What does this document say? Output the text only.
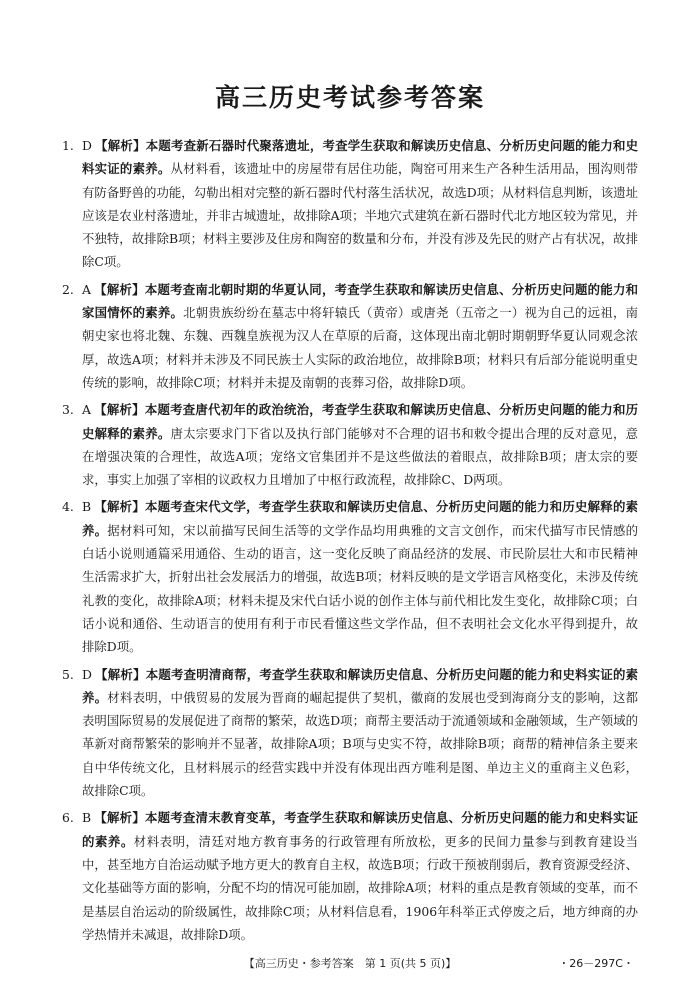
高三历史考试参考答案
1. D 【解析】本题考查新石器时代聚落遗址，考查学生获取和解读历史信息、分析历史问题的能力和史料实证的素养。从材料看，该遗址中的房屋带有居住功能，陶窑可用来生产各种生活用品，围沟则带有防备野兽的功能，勾勒出相对完整的新石器时代村落生活状况，故选D项；从材料信息判断，该遗址应该是农业村落遗址，并非古城遗址，故排除A项；半地穴式建筑在新石器时代北方地区较为常见，并不独特，故排除B项；材料主要涉及住房和陶窑的数量和分布，并没有涉及先民的财产占有状况，故排除C项。
2. A 【解析】本题考查南北朝时期的华夏认同，考查学生获取和解读历史信息、分析历史问题的能力和家国情怀的素养。北朝贵族纷纷在墓志中将轩辕氏（黄帝）或唐尧（五帝之一）视为自己的远祖，南朝史家也将北魏、东魏、西魏皇族视为汉人在草原的后裔，这体现出南北朝时期朝野华夏认同观念浓厚，故选A项；材料并未涉及不同民族士人实际的政治地位，故排除B项；材料只有后部分能说明重史传统的影响，故排除C项；材料并未提及南朝的丧葬习俗，故排除D项。
3. A 【解析】本题考查唐代初年的政治统治，考查学生获取和解读历史信息、分析历史问题的能力和历史解释的素养。唐太宗要求门下省以及执行部门能够对不合理的诏书和敕令提出合理的反对意见，意在增强决策的合理性，故选A项；宠络文官集团并不是这些做法的着眼点，故排除B项；唐太宗的要求，事实上加强了宰相的议政权力且增加了中枢行政流程，故排除C、D两项。
4. B 【解析】本题考查宋代文学，考查学生获取和解读历史信息、分析历史问题的能力和历史解释的素养。据材料可知，宋以前描写民间生活等的文学作品均用典雅的文言文创作，而宋代描写市民情感的白话小说则通篇采用通俗、生动的语言，这一变化反映了商品经济的发展、市民阶层壮大和市民精神生活需求扩大，折射出社会发展活力的增强，故选B项；材料反映的是文学语言风格变化，未涉及传统礼教的变化，故排除A项；材料未提及宋代白话小说的创作主体与前代相比发生变化，故排除C项；白话小说和通俗、生动语言的使用有利于市民看懂这些文学作品，但不表明社会文化水平得到提升，故排除D项。
5. D 【解析】本题考查明清商帮，考查学生获取和解读历史信息、分析历史问题的能力和史料实证的素养。材料表明，中俄贸易的发展为晋商的崛起提供了契机，徽商的发展也受到海商分支的影响，这都表明国际贸易的发展促进了商帮的繁荣，故选D项；商帮主要活动于流通领域和金融领域，生产领域的革新对商帮繁荣的影响并不显著，故排除A项；B项与史实不符，故排除B项；商帮的精神信条主要来自中华传统文化，且材料展示的经营实践中并没有体现出西方唯利是图、单边主义的重商主义色彩，故排除C项。
6. B 【解析】本题考查清末教育变革，考查学生获取和解读历史信息、分析历史问题的能力和史料实证的素养。材料表明，清廷对地方教育事务的行政管理有所放松，更多的民间力量参与到教育建设当中，甚至地方自治运动赋予地方更大的教育自主权，故选B项；行政干预被削弱后，教育资源受经济、文化基础等方面的影响，分配不均的情况可能加剧，故排除A项；材料的重点是教育领域的变革，而不是基层自治运动的阶级属性，故排除C项；从材料信息看，1906年科举正式停废之后，地方绅商的办学热情并未减退，故排除D项。
【高三历史・参考答案　第 1 页(共 5 页)】	・26－297C・
